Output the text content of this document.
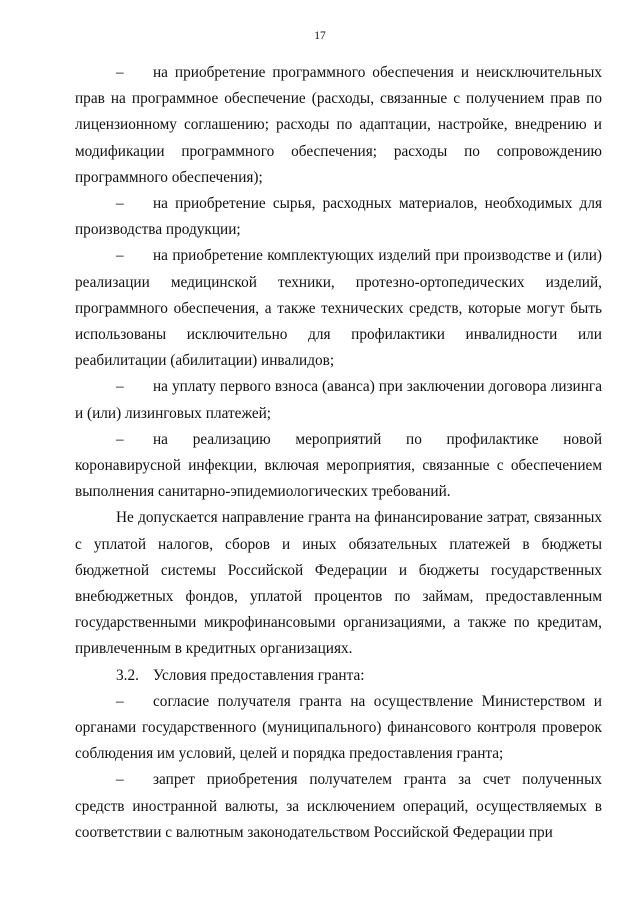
17

– на приобретение программного обеспечения и неисключительных прав на программное обеспечение (расходы, связанные с получением прав по лицензионному соглашению; расходы по адаптации, настройке, внедрению и модификации программного обеспечения; расходы по сопровождению программного обеспечения);

– на приобретение сырья, расходных материалов, необходимых для производства продукции;

– на приобретение комплектующих изделий при производстве и (или) реализации медицинской техники, протезно-ортопедических изделий, программного обеспечения, а также технических средств, которые могут быть использованы исключительно для профилактики инвалидности или реабилитации (абилитации) инвалидов;

– на уплату первого взноса (аванса) при заключении договора лизинга и (или) лизинговых платежей;

– на реализацию мероприятий по профилактике новой коронавирусной инфекции, включая мероприятия, связанные с обеспечением выполнения санитарно-эпидемиологических требований.

Не допускается направление гранта на финансирование затрат, связанных с уплатой налогов, сборов и иных обязательных платежей в бюджеты бюджетной системы Российской Федерации и бюджеты государственных внебюджетных фондов, уплатой процентов по займам, предоставленным государственными микрофинансовыми организациями, а также по кредитам, привлеченным в кредитных организациях.

3.2. Условия предоставления гранта:

– согласие получателя гранта на осуществление Министерством и органами государственного (муниципального) финансового контроля проверок соблюдения им условий, целей и порядка предоставления гранта;

– запрет приобретения получателем гранта за счет полученных средств иностранной валюты, за исключением операций, осуществляемых в соответствии с валютным законодательством Российской Федерации при
